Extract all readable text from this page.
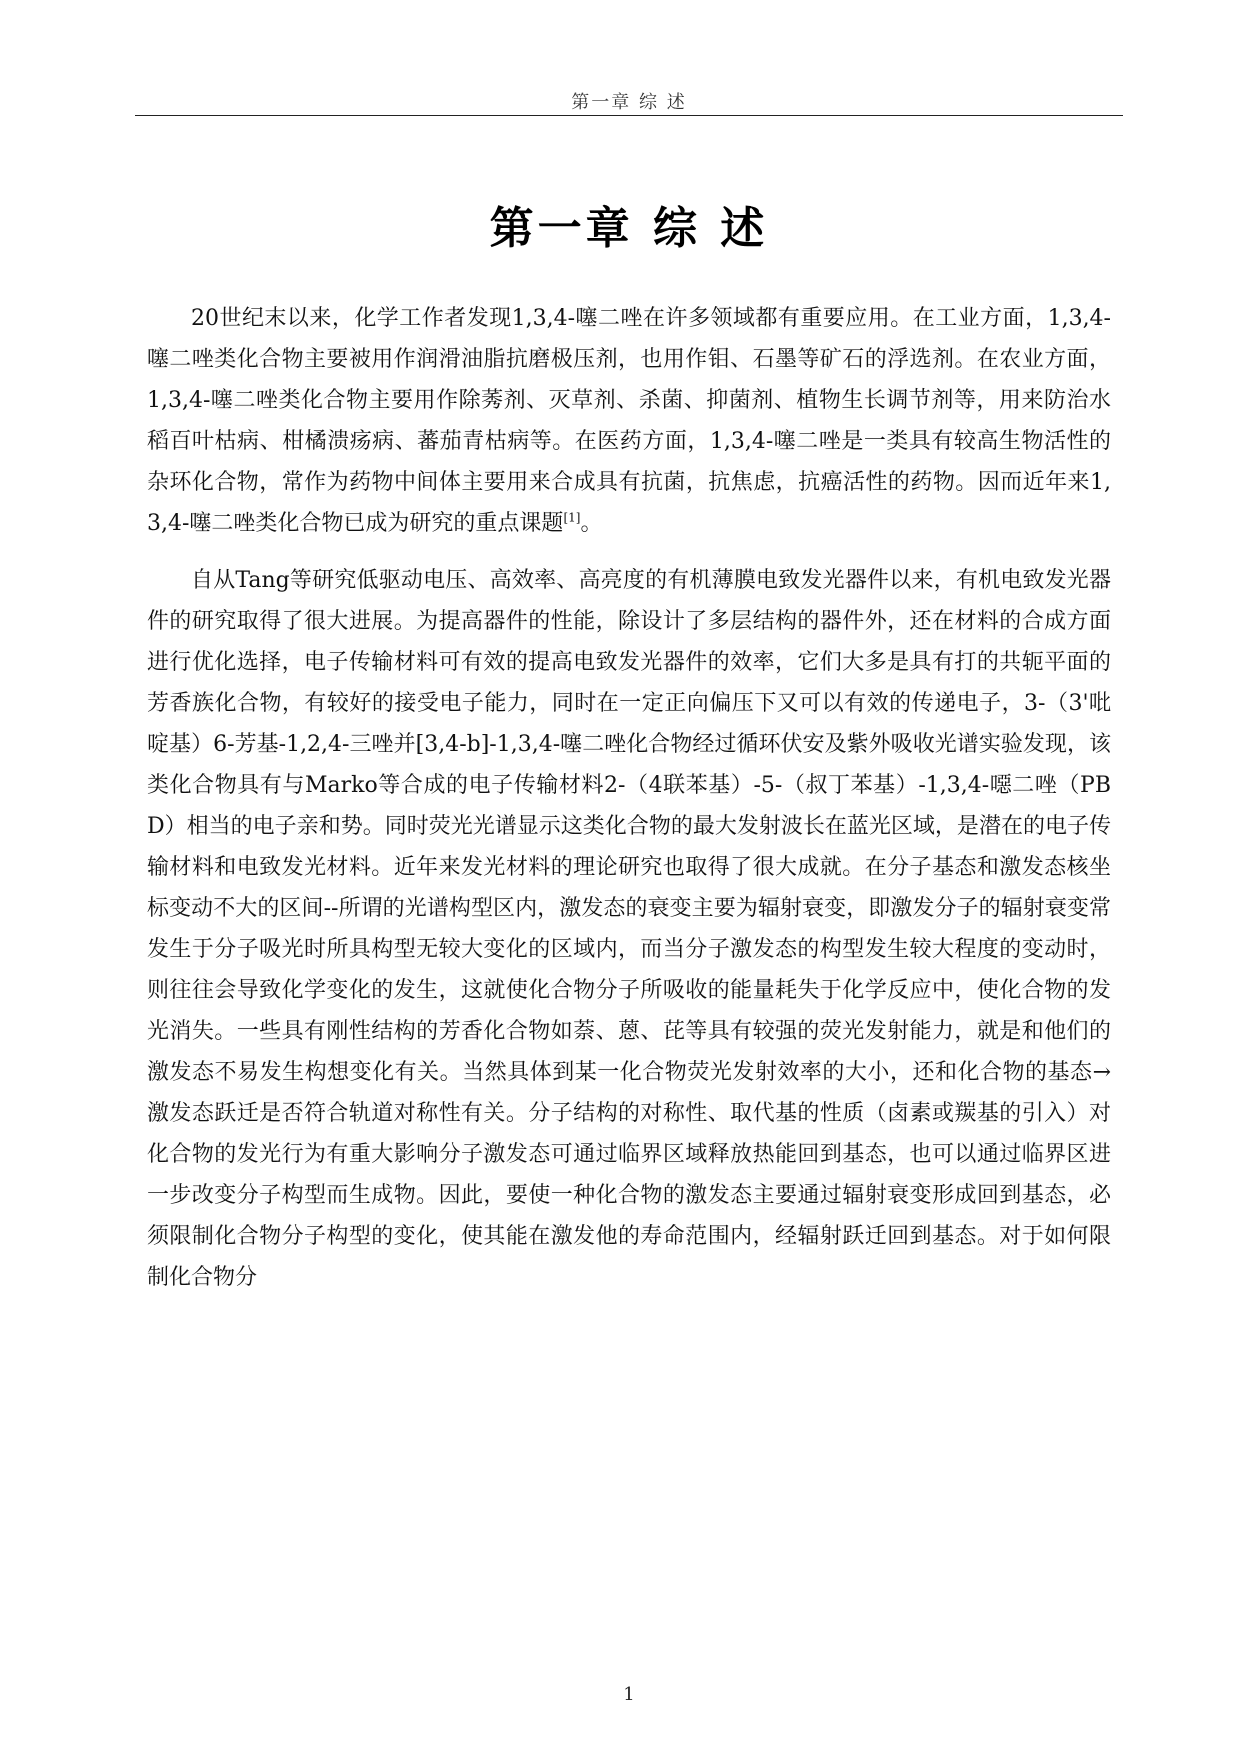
第一章 综 述
第一章 综 述

20世纪末以来，化学工作者发现1,3,4-噻二唑在许多领域都有重要应用。在工业方面，1,3,4-噻二唑类化合物主要被用作润滑油脂抗磨极压剂，也用作钼、石墨等矿石的浮选剂。在农业方面，1,3,4-噻二唑类化合物主要用作除莠剂、灭草剂、杀菌、抑菌剂、植物生长调节剂等，用来防治水稻百叶枯病、柑橘溃疡病、蕃茄青枯病等。在医药方面，1,3,4-噻二唑是一类具有较高生物活性的杂环化合物，常作为药物中间体主要用来合成具有抗菌，抗焦虑，抗癌活性的药物。因而近年来1,3,4-噻二唑类化合物已成为研究的重点课题[1]。

自从Tang等研究低驱动电压、高效率、高亮度的有机薄膜电致发光器件以来，有机电致发光器件的研究取得了很大进展。为提高器件的性能，除设计了多层结构的器件外，还在材料的合成方面进行优化选择，电子传输材料可有效的提高电致发光器件的效率，它们大多是具有打的共轭平面的芳香族化合物，有较好的接受电子能力，同时在一定正向偏压下又可以有效的传递电子，3-（3'吡啶基）6-芳基-1,2,4-三唑并[3,4-b]-1,3,4-噻二唑化合物经过循环伏安及紫外吸收光谱实验发现，该类化合物具有与Marko等合成的电子传输材料2-（4联苯基）-5-（叔丁苯基）-1,3,4-噁二唑（PBD）相当的电子亲和势。同时荧光光谱显示这类化合物的最大发射波长在蓝光区域，是潜在的电子传输材料和电致发光材料。近年来发光材料的理论研究也取得了很大成就。在分子基态和激发态核坐标变动不大的区间--所谓的光谱构型区内，激发态的衰变主要为辐射衰变，即激发分子的辐射衰变常发生于分子吸光时所具构型无较大变化的区域内，而当分子激发态的构型发生较大程度的变动时，则往往会导致化学变化的发生，这就使化合物分子所吸收的能量耗失于化学反应中，使化合物的发光消失。一些具有刚性结构的芳香化合物如萘、蒽、芘等具有较强的荧光发射能力，就是和他们的激发态不易发生构想变化有关。当然具体到某一化合物荧光发射效率的大小，还和化合物的基态→激发态跃迁是否符合轨道对称性有关。分子结构的对称性、取代基的性质（卤素或羰基的引入）对化合物的发光行为有重大影响分子激发态可通过临界区域释放热能回到基态，也可以通过临界区进一步改变分子构型而生成物。因此，要使一种化合物的激发态主要通过辐射衰变形成回到基态，必须限制化合物分子构型的变化，使其能在激发他的寿命范围内，经辐射跃迁回到基态。对于如何限制化合物分

1
